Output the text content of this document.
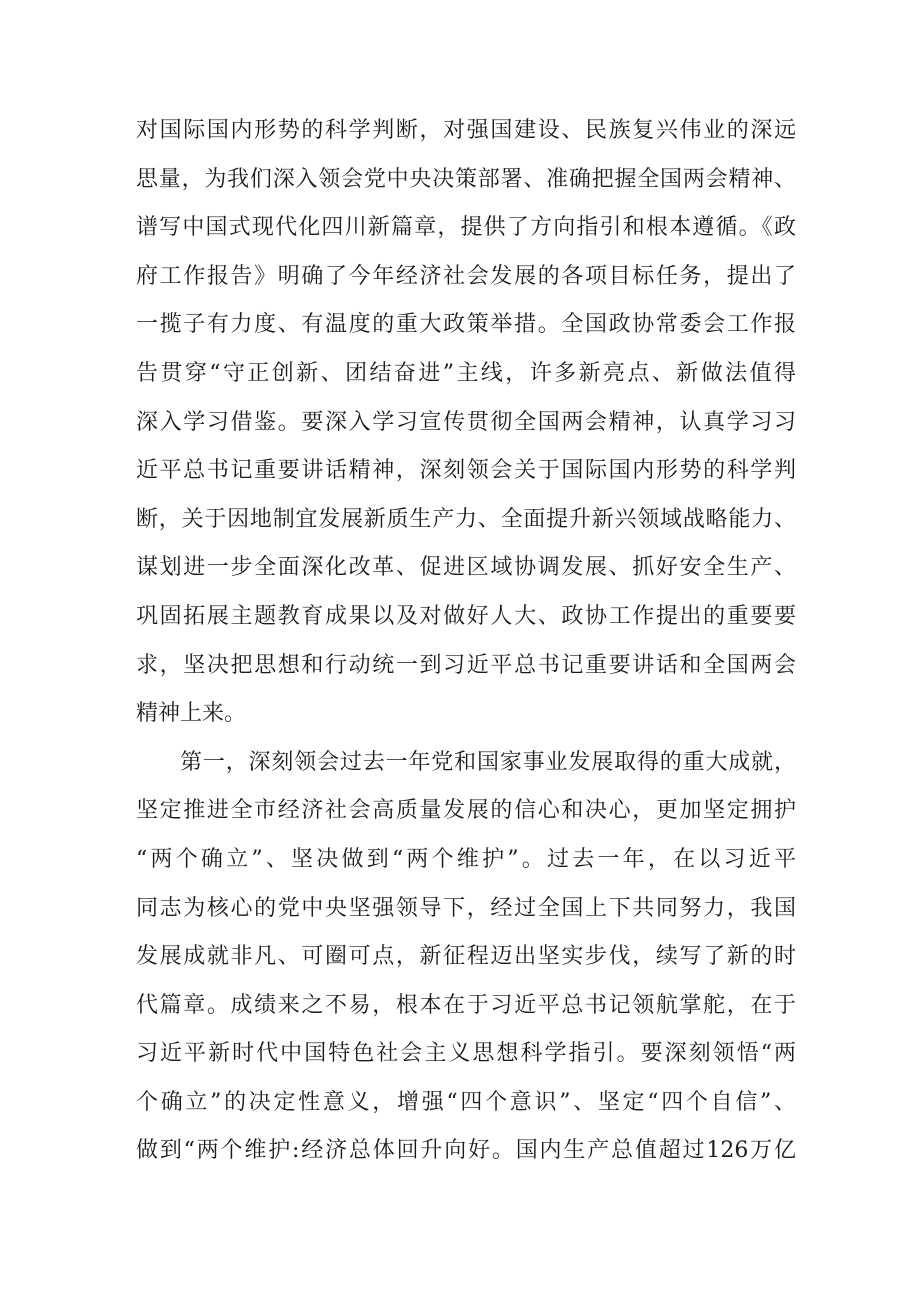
对国际国内形势的科学判断，对强国建设、民族复兴伟业的深远
思量，为我们深入领会党中央决策部署、准确把握全国两会精神、
谱写中国式现代化四川新篇章，提供了方向指引和根本遵循。《政
府工作报告》明确了今年经济社会发展的各项目标任务，提出了
一揽子有力度、有温度的重大政策举措。全国政协常委会工作报
告贯穿“守正创新、团结奋进”主线，许多新亮点、新做法值得
深入学习借鉴。要深入学习宣传贯彻全国两会精神，认真学习习
近平总书记重要讲话精神，深刻领会关于国际国内形势的科学判
断，关于因地制宜发展新质生产力、全面提升新兴领域战略能力、
谋划进一步全面深化改革、促进区域协调发展、抓好安全生产、
巩固拓展主题教育成果以及对做好人大、政协工作提出的重要要
求，坚决把思想和行动统一到习近平总书记重要讲话和全国两会
精神上来。
第一，深刻领会过去一年党和国家事业发展取得的重大成就，
坚定推进全市经济社会高质量发展的信心和决心，更加坚定拥护
“两个确立”、坚决做到“两个维护”。过去一年，在以习近平
同志为核心的党中央坚强领导下，经过全国上下共同努力，我国
发展成就非凡、可圈可点，新征程迈出坚实步伐，续写了新的时
代篇章。成绩来之不易，根本在于习近平总书记领航掌舵，在于
习近平新时代中国特色社会主义思想科学指引。要深刻领悟“两
个确立”的决定性意义，增强“四个意识”、坚定“四个自信”、
做到“两个维护:经济总体回升向好。国内生产总值超过126万亿
